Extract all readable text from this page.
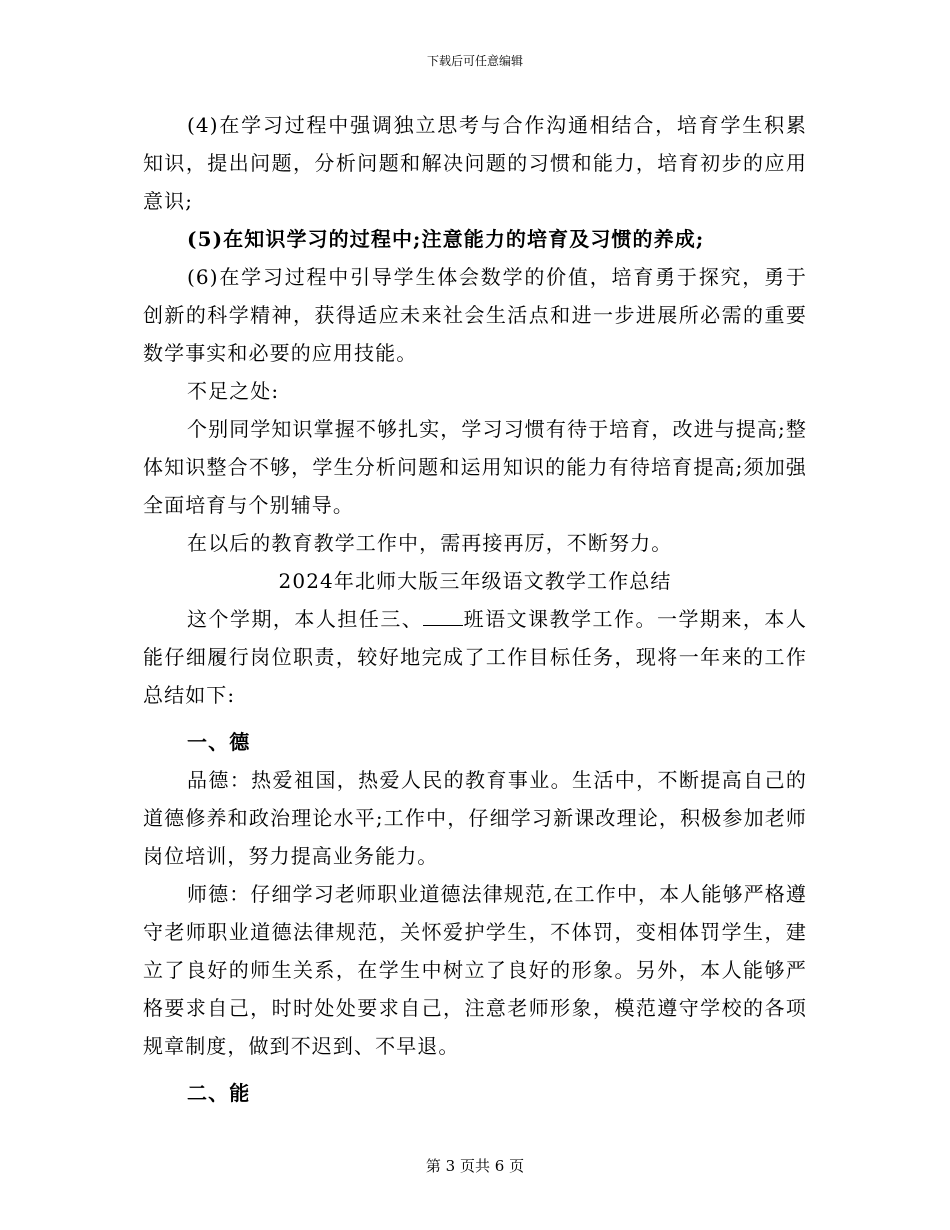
下载后可任意编辑

(4)在学习过程中强调独立思考与合作沟通相结合，培育学生积累知识，提出问题，分析问题和解决问题的习惯和能力，培育初步的应用意识;

(5)在知识学习的过程中;注意能力的培育及习惯的养成;

(6)在学习过程中引导学生体会数学的价值，培育勇于探究，勇于创新的科学精神，获得适应未来社会生活点和进一步进展所必需的重要数学事实和必要的应用技能。

不足之处:

个别同学知识掌握不够扎实，学习习惯有待于培育，改进与提高;整体知识整合不够，学生分析问题和运用知识的能力有待培育提高;须加强全面培育与个别辅导。

在以后的教育教学工作中，需再接再厉，不断努力。

2024年北师大版三年级语文教学工作总结

这个学期，本人担任三、 班语文课教学工作。一学期来，本人能仔细履行岗位职责，较好地完成了工作目标任务，现将一年来的工作总结如下:

一、德

品德：热爱祖国，热爱人民的教育事业。生活中，不断提高自己的道德修养和政治理论水平;工作中，仔细学习新课改理论，积极参加老师岗位培训，努力提高业务能力。

师德：仔细学习老师职业道德法律规范,在工作中，本人能够严格遵守老师职业道德法律规范，关怀爱护学生，不体罚，变相体罚学生，建立了良好的师生关系，在学生中树立了良好的形象。另外，本人能够严格要求自己，时时处处要求自己，注意老师形象，模范遵守学校的各项规章制度，做到不迟到、不早退。

二、能

第 3 页共 6 页
